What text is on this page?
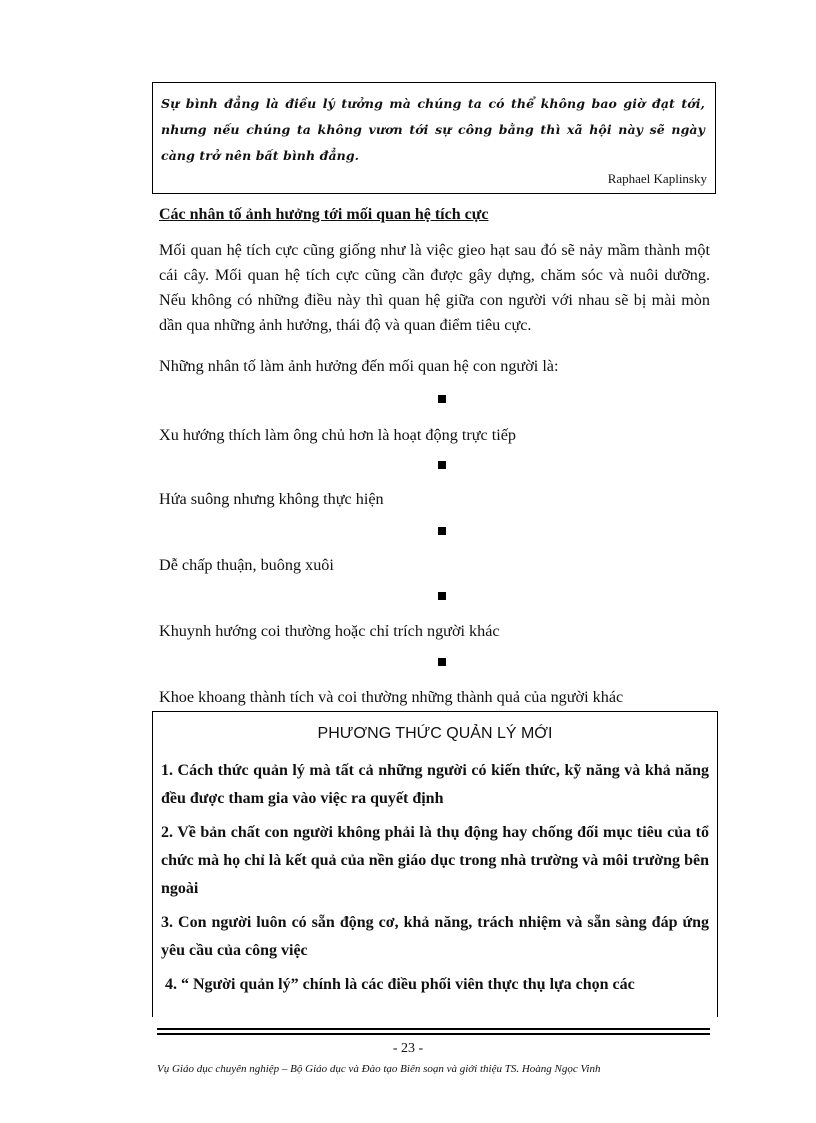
Sự bình đẳng là điều lý tưởng mà chúng ta có thể không bao giờ đạt tới, nhưng nếu chúng ta không vươn tới sự công bằng thì xã hội này sẽ ngày càng trở nên bất bình đẳng.
Raphael Kaplinsky
Các nhân tố ảnh hưởng tới mối quan hệ tích cực
Mối quan hệ tích cực cũng giống như là việc gieo hạt sau đó sẽ nảy mầm thành một cái cây. Mối quan hệ tích cực cũng cần được gây dựng, chăm sóc và nuôi dưỡng. Nếu không có những điều này thì quan hệ giữa con người với nhau sẽ bị mài mòn dần qua những ảnh hưởng, thái độ và quan điểm tiêu cực.
Những nhân tố làm ảnh hưởng đến mối quan hệ con người là:
Xu hướng thích làm ông chủ hơn là hoạt động trực tiếp
Hứa suông nhưng không thực hiện
Dễ chấp thuận, buông xuôi
Khuynh hướng coi thường hoặc chỉ trích người khác
Khoe khoang thành tích và coi thường những thành quả của người khác
PHƯƠNG THỨC QUẢN LÝ MỚI
1. Cách thức quản lý mà tất cả những người có kiến thức, kỹ năng và khả năng đều được tham gia vào việc ra quyết định
2. Về bản chất con người không phải là thụ động hay chống đối mục tiêu của tổ chức mà họ chỉ là kết quả của nền giáo dục trong nhà trường và môi trường bên ngoài
3. Con người luôn có sẵn động cơ, khả năng, trách nhiệm và sẵn sàng đáp ứng yêu cầu của công việc
4. “ Người quản lý” chính là các điều phối viên thực thụ lựa chọn các
- 23 -
Vụ Giáo dục chuyên nghiệp – Bộ Giáo dục và Đào tạo Biên soạn và giới thiệu TS. Hoàng Ngọc Vinh
